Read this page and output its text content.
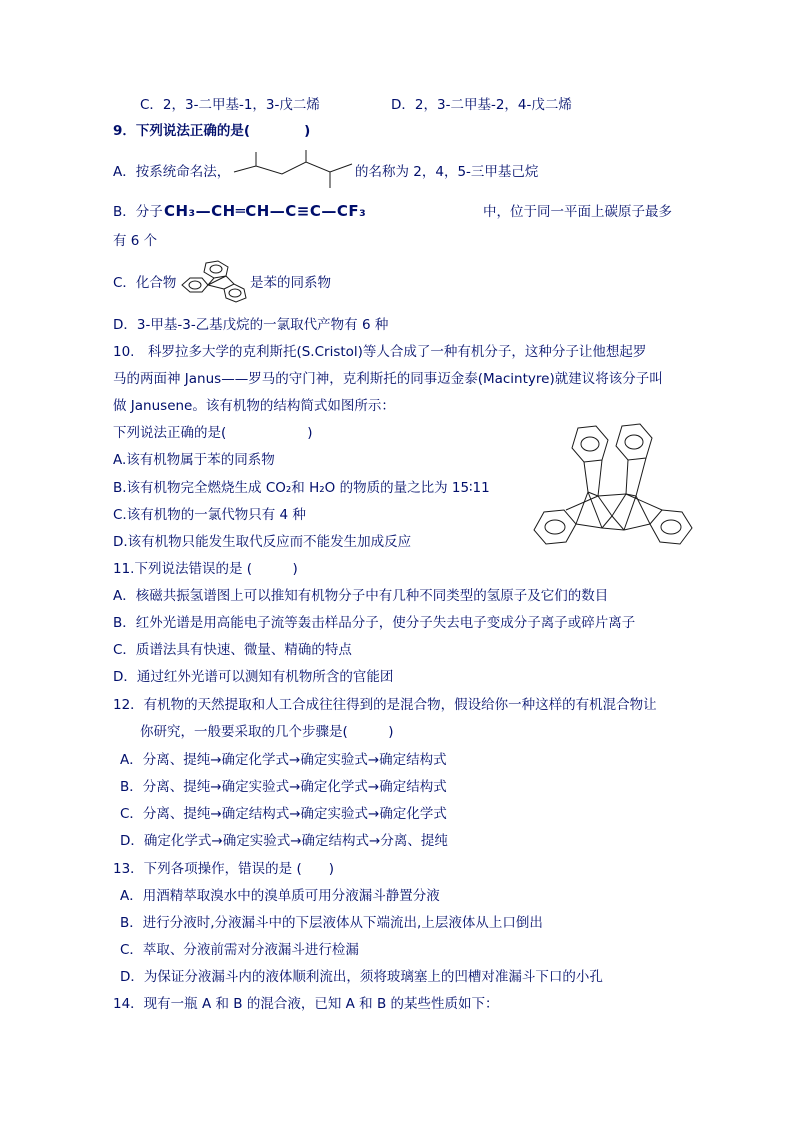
C．2，3-二甲基-1，3-戊二烯	D．2，3-二甲基-2，4-戊二烯
9．下列说法正确的是(　　　　)
A．按系统命名法，	的名称为 2，4，5-三甲基己烷
B．分子 CH₃—CH═CH—C≡C—CF₃	中，位于同一平面上碳原子最多
有 6 个
C．化合物	是苯的同系物
D．3-甲基-3-乙基戊烷的一氯取代产物有 6 种
10.　科罗拉多大学的克利斯托(S.Cristol)等人合成了一种有机分子，这种分子让他想起罗
马的两面神 Janus——罗马的守门神，克利斯托的同事迈金泰(Macintyre)就建议将该分子叫
做 Janusene。该有机物的结构简式如图所示：
下列说法正确的是(　　　　　　)
A.该有机物属于苯的同系物
B.该有机物完全燃烧生成 CO₂和 H₂O 的物质的量之比为 15∶11
C.该有机物的一氯代物只有 4 种
D.该有机物只能发生取代反应而不能发生加成反应
11.下列说法错误的是 (　　　)
A．核磁共振氢谱图上可以推知有机物分子中有几种不同类型的氢原子及它们的数目
B．红外光谱是用高能电子流等轰击样品分子，使分子失去电子变成分子离子或碎片离子
C．质谱法具有快速、微量、精确的特点
D．通过红外光谱可以测知有机物所含的官能团
12．有机物的天然提取和人工合成往往得到的是混合物，假设给你一种这样的有机混合物让
你研究，一般要采取的几个步骤是(　　　)
A．分离、提纯→确定化学式→确定实验式→确定结构式
B．分离、提纯→确定实验式→确定化学式→确定结构式
C．分离、提纯→确定结构式→确定实验式→确定化学式
D．确定化学式→确定实验式→确定结构式→分离、提纯
13．下列各项操作，错误的是 (　　)
A．用酒精萃取溴水中的溴单质可用分液漏斗静置分液
B．进行分液时,分液漏斗中的下层液体从下端流出,上层液体从上口倒出
C．萃取、分液前需对分液漏斗进行检漏
D．为保证分液漏斗内的液体顺利流出，须将玻璃塞上的凹槽对准漏斗下口的小孔
14．现有一瓶 A 和 B 的混合液，已知 A 和 B 的某些性质如下：
